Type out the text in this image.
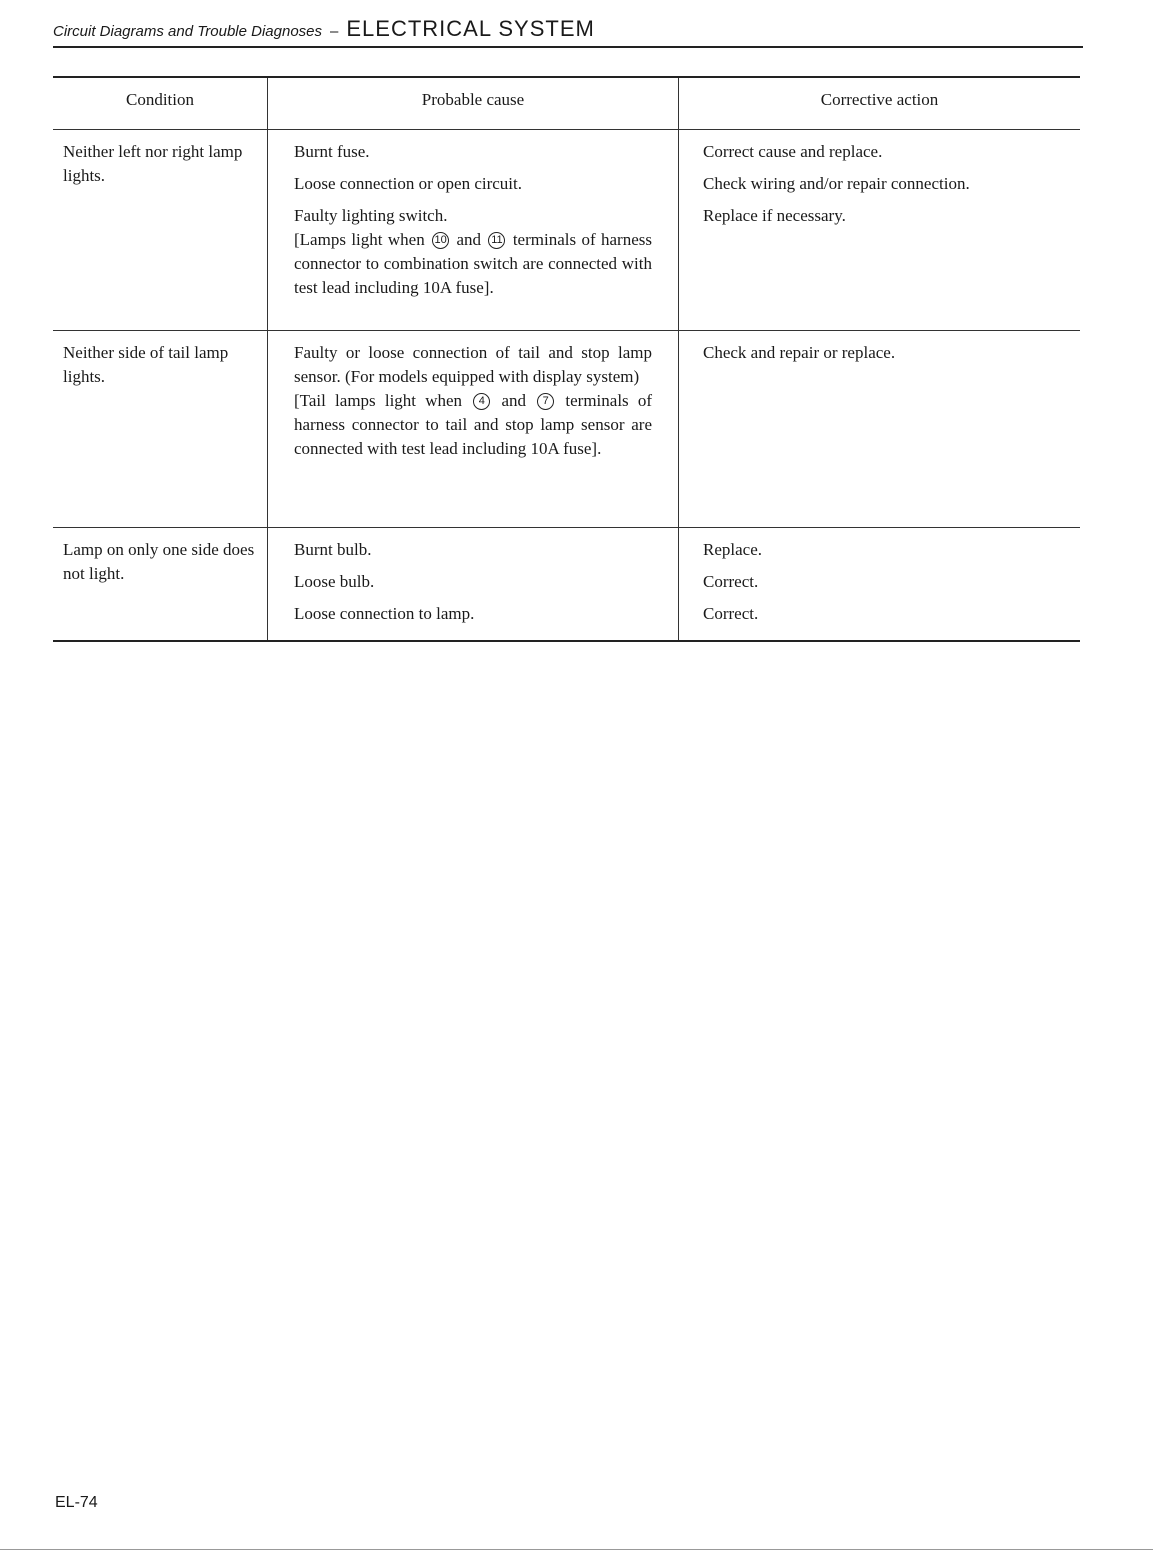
Circuit Diagrams and Trouble Diagnoses – ELECTRICAL SYSTEM
Condition	Probable cause	Corrective action
Neither left nor right lamp lights.
Burnt fuse.
Loose connection or open circuit.
Faulty lighting switch.
[Lamps light when 10 and 11 terminals of harness connector to combination switch are connected with test lead including 10A fuse].
Correct cause and replace.
Check wiring and/or repair connection.
Replace if necessary.
Neither side of tail lamp lights.
Faulty or loose connection of tail and stop lamp sensor. (For models equipped with display system)
[Tail lamps light when 4 and 7 terminals of harness connector to tail and stop lamp sensor are connected with test lead including 10A fuse].
Check and repair or replace.
Lamp on only one side does not light.
Burnt bulb.
Loose bulb.
Loose connection to lamp.
Replace.
Correct.
Correct.
EL-74
